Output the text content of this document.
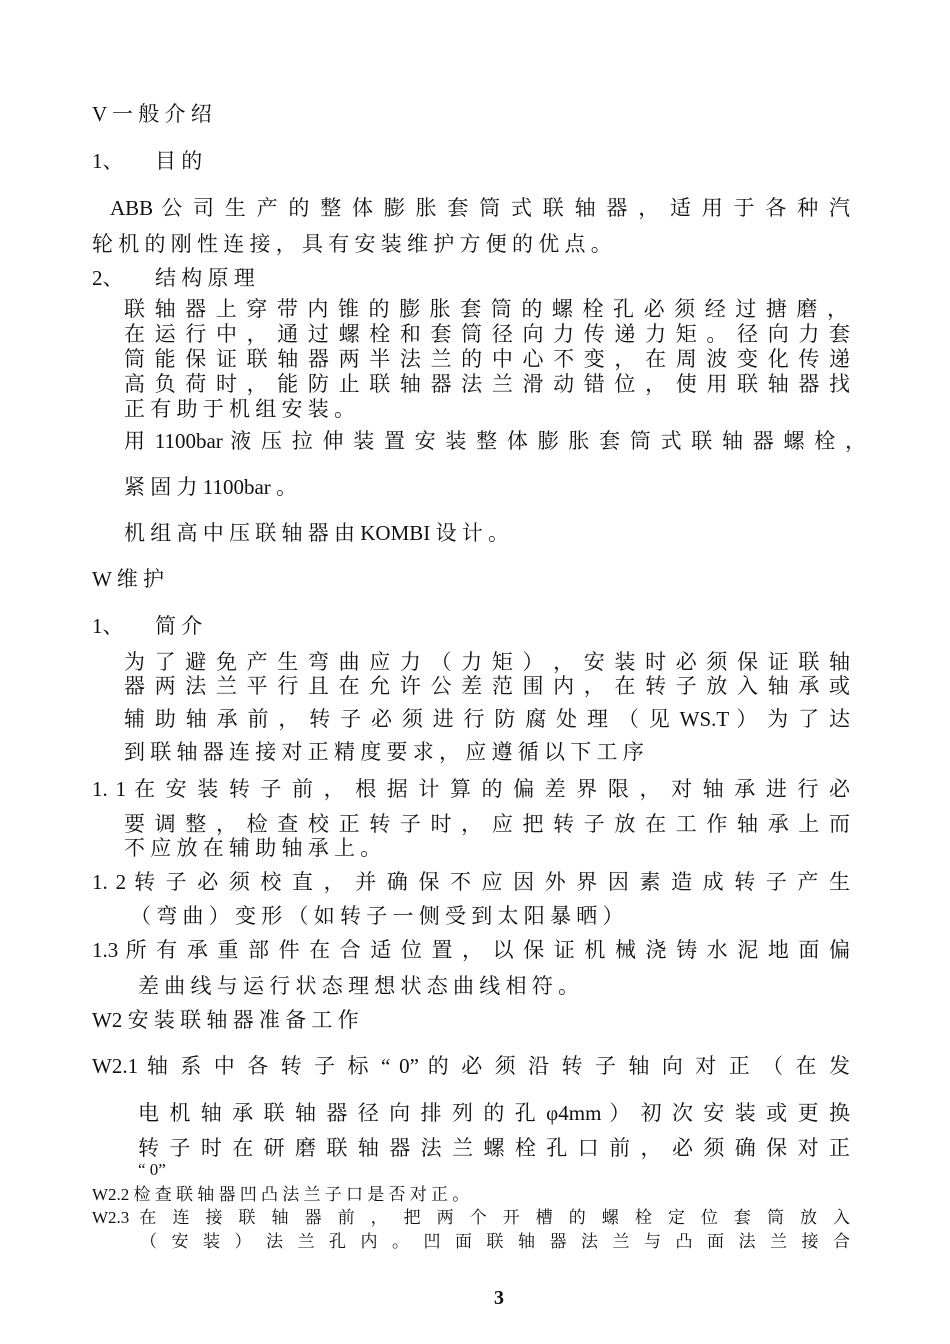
V 一 般 介 绍
1、　　目 的
ABB 公 司 生 产 的 整 体 膨 胀 套 筒 式 联 轴 器 ， 适 用 于 各 种 汽
轮 机 的 刚 性 连 接 ， 具 有 安 装 维 护 方 便 的 优 点 。
2、　　结 构 原 理
联 轴 器 上 穿 带 内 锥 的 膨 胀 套 筒 的 螺 栓 孔 必 须 经 过 搪 磨 ，
在 运 行 中 ， 通 过 螺 栓 和 套 筒 径 向 力 传 递 力 矩 。 径 向 力 套
筒 能 保 证 联 轴 器 两 半 法 兰 的 中 心 不 变 ， 在 周 波 变 化 传 递
高 负 荷 时 ， 能 防 止 联 轴 器 法 兰 滑 动 错 位 ， 使 用 联 轴 器 找
正 有 助 于 机 组 安 装 。
用 1100bar 液 压 拉 伸 装 置 安 装 整 体 膨 胀 套 筒 式 联 轴 器 螺 栓 ，
紧 固 力 1100bar 。
机 组 高 中 压 联 轴 器 由 KOMBI 设 计 。
W 维 护
1、　　简 介
为 了 避 免 产 生 弯 曲 应 力 （ 力 矩 ） ， 安 装 时 必 须 保 证 联 轴
器 两 法 兰 平 行 且 在 允 许 公 差 范 围 内 ， 在 转 子 放 入 轴 承 或
辅 助 轴 承 前 ， 转 子 必 须 进 行 防 腐 处 理 （ 见 WS.T ） 为 了 达
到 联 轴 器 连 接 对 正 精 度 要 求 ， 应 遵 循 以 下 工 序
1. 1 在 安 装 转 子 前 ， 根 据 计 算 的 偏 差 界 限 ， 对 轴 承 进 行 必
要 调 整 ， 检 查 校 正 转 子 时 ， 应 把 转 子 放 在 工 作 轴 承 上 而
不 应 放 在 辅 助 轴 承 上 。
1. 2 转 子 必 须 校 直 ， 并 确 保 不 应 因 外 界 因 素 造 成 转 子 产 生
（ 弯 曲 ） 变 形 （ 如 转 子 一 侧 受 到 太 阳 暴 晒 ）
1.3 所 有 承 重 部 件 在 合 适 位 置 ， 以 保 证 机 械 浇 铸 水 泥 地 面 偏
差 曲 线 与 运 行 状 态 理 想 状 态 曲 线 相 符 。
W2 安 装 联 轴 器 准 备 工 作
W2.1 轴 系 中 各 转 子 标 “ 0” 的 必 须 沿 转 子 轴 向 对 正 （ 在 发
电 机 轴 承 联 轴 器 径 向 排 列 的 孔 φ4mm ） 初 次 安 装 或 更 换
转 子 时 在 研 磨 联 轴 器 法 兰 螺 栓 孔 口 前 ， 必 须 确 保 对 正
“ 0”
W2.2 检 查 联 轴 器 凹 凸 法 兰 子 口 是 否 对 正 。
W2.3 在 连 接 联 轴 器 前 ， 把 两 个 开 槽 的 螺 栓 定 位 套 筒 放 入
（ 安 装 ） 法 兰 孔 内 。 凹 面 联 轴 器 法 兰 与 凸 面 法 兰 接 合
3
